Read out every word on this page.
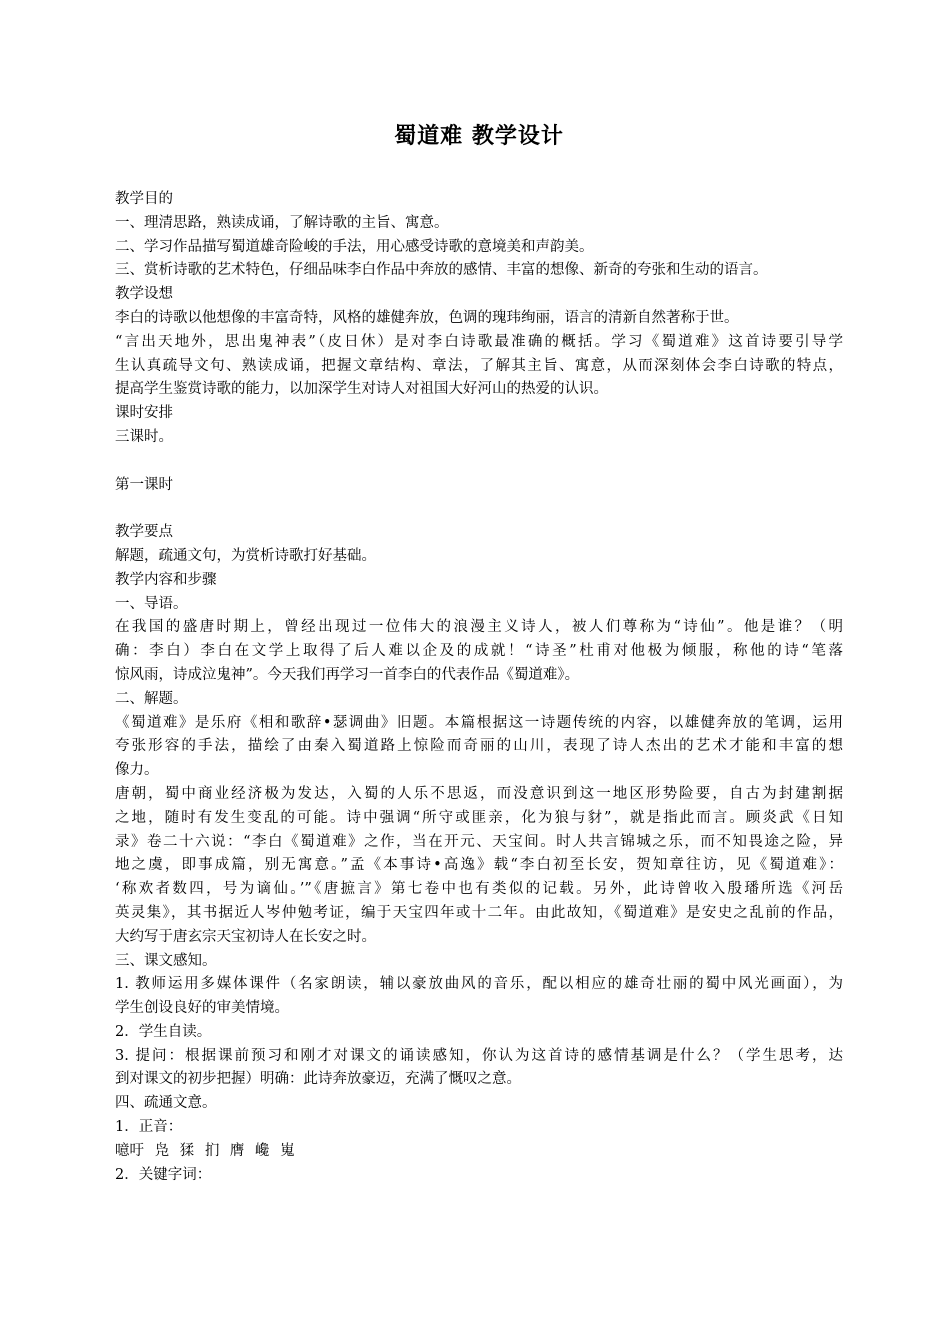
蜀道难 教学设计
教学目的
一、理清思路，熟读成诵，了解诗歌的主旨、寓意。
二、学习作品描写蜀道雄奇险峻的手法，用心感受诗歌的意境美和声韵美。
三、赏析诗歌的艺术特色，仔细品味李白作品中奔放的感情、丰富的想像、新奇的夸张和生动的语言。
教学设想
李白的诗歌以他想像的丰富奇特，风格的雄健奔放，色调的瑰玮绚丽，语言的清新自然著称于世。
“言出天地外，思出鬼神表”（皮日休）是对李白诗歌最准确的概括。学习《蜀道难》这首诗要引导学
生认真疏导文句、熟读成诵，把握文章结构、章法，了解其主旨、寓意，从而深刻体会李白诗歌的特点，
提高学生鉴赏诗歌的能力，以加深学生对诗人对祖国大好河山的热爱的认识。
课时安排
三课时。
第一课时
教学要点
解题，疏通文句，为赏析诗歌打好基础。
教学内容和步骤
一、导语。
在我国的盛唐时期上，曾经出现过一位伟大的浪漫主义诗人，被人们尊称为“诗仙”。他是谁？（明
确：李白）李白在文学上取得了后人难以企及的成就！“诗圣”杜甫对他极为倾服，称他的诗“笔落
惊风雨，诗成泣鬼神”。今天我们再学习一首李白的代表作品《蜀道难》。
二、解题。
《蜀道难》是乐府《相和歌辞•瑟调曲》旧题。本篇根据这一诗题传统的内容，以雄健奔放的笔调，运用
夸张形容的手法，描绘了由秦入蜀道路上惊险而奇丽的山川，表现了诗人杰出的艺术才能和丰富的想
像力。
唐朝，蜀中商业经济极为发达，入蜀的人乐不思返，而没意识到这一地区形势险要，自古为封建割据
之地，随时有发生变乱的可能。诗中强调“所守或匪亲，化为狼与豺”，就是指此而言。顾炎武《日知
录》卷二十六说：“李白《蜀道难》之作，当在开元、天宝间。时人共言锦城之乐，而不知畏途之险，异
地之虞，即事成篇，别无寓意。”孟《本事诗•高逸》载“李白初至长安，贺知章往访，见《蜀道难》：
‘称欢者数四，号为谪仙。’”《唐摭言》第七卷中也有类似的记载。另外，此诗曾收入殷璠所选《河岳
英灵集》，其书据近人岑仲勉考证，编于天宝四年或十二年。由此故知，《蜀道难》是安史之乱前的作品，
大约写于唐玄宗天宝初诗人在长安之时。
三、课文感知。
1. 教师运用多媒体课件（名家朗读，辅以豪放曲风的音乐，配以相应的雄奇壮丽的蜀中风光画面），为
学生创设良好的审美情境。
2．学生自读。
3. 提问：根据课前预习和刚才对课文的诵读感知，你认为这首诗的感情基调是什么？（学生思考，达
到对课文的初步把握）明确：此诗奔放豪迈，充满了慨叹之意。
四、疏通文意。
1．正音：
噫吁 凫 猱 扪 膺 巉 嵬
2．关键字词：
